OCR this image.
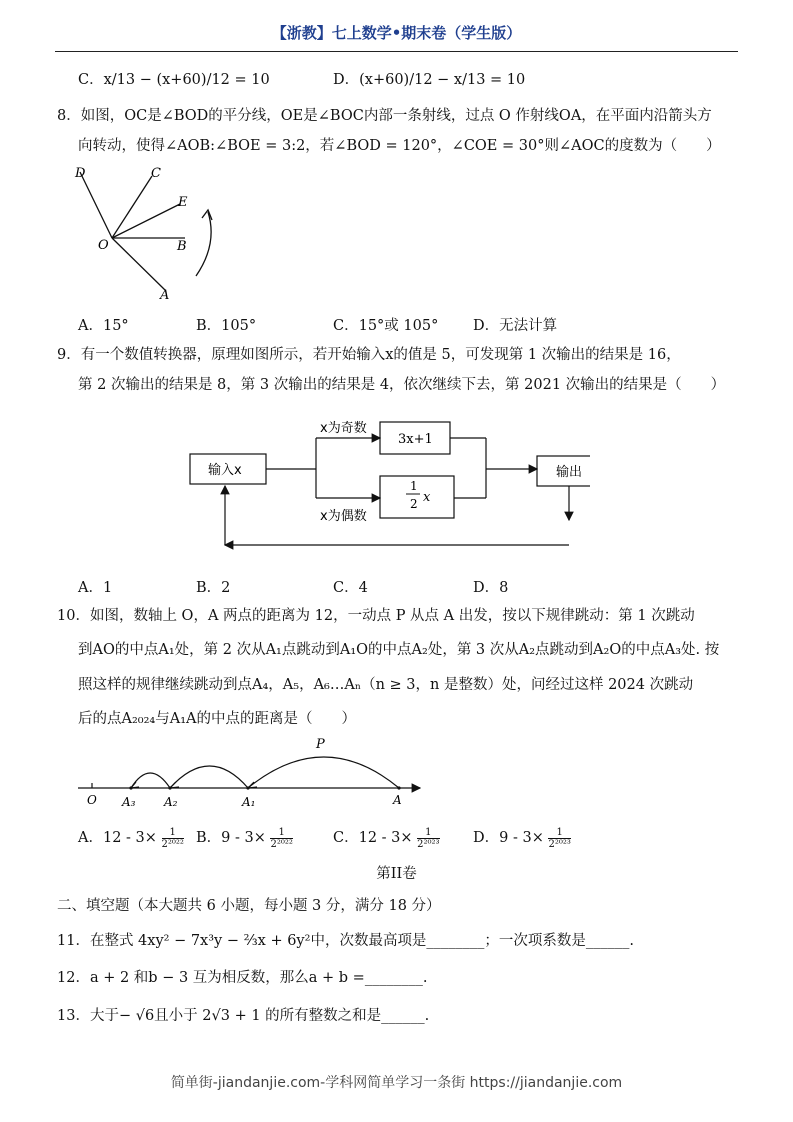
【浙教】七上数学•期末卷（学生版）
C．x/13 − (x+60)/12 = 10	D．(x+60)/12 − x/13 = 10
8．如图，OC是∠BOD的平分线，OE是∠BOC内部一条射线，过点 O 作射线OA，在平面内沿箭头方
向转动，使得∠AOB:∠BOE = 3:2，若∠BOD = 120°，∠COE = 30°则∠AOC的度数为（　　）
D	C
E
O	B
A
A．15°	B．105°	C．15°或 105° D．无法计算
9．有一个数值转换器，原理如图所示，若开始输入x的值是 5，可发现第 1 次输出的结果是 16，
第 2 次输出的结果是 8，第 3 次输出的结果是 4，依次继续下去，第 2021 次输出的结果是（　　）
输入x
x为奇数
x为偶数
3x+1
1
2 x
输出
A．1	B．2	C．4	D．8
10．如图，数轴上 O，A 两点的距离为 12，一动点 P 从点 A 出发，按以下规律跳动：第 1 次跳动
到AO的中点A₁处，第 2 次从A₁点跳动到A₁O的中点A₂处，第 3 次从A₂点跳动到A₂O的中点A₃处. 按
照这样的规律继续跳动到点A₄，A₅，A₆…Aₙ（n ≥ 3，n 是整数）处，问经过这样 2024 次跳动
后的点A₂₀₂₄与A₁A的中点的距离是（　　）
P
O A₃ A₂	A₁	A
A．$12 - 3\times \frac{1}{\text{2²⁰²²}}$ B．$9 - 3\times \frac{1}{\text{2²⁰²²}}$	C．$12 - 3\times \frac{1}{\text{2²⁰²³}}$ D．$9 - 3\times \frac{1}{\text{2²⁰²³}}$
第II卷
二、填空题（本大题共 6 小题，每小题 3 分，满分 18 分）
11．在整式 4xy² − 7x³y − ⅔x + 6y²中，次数最高项是________；一次项系数是______.
12．a + 2 和b − 3 互为相反数，那么a + b =________.
13．大于− √6且小于 2√3 + 1 的所有整数之和是______.
简单街-jiandanjie.com-学科网简单学习一条街 https://jiandanjie.com
